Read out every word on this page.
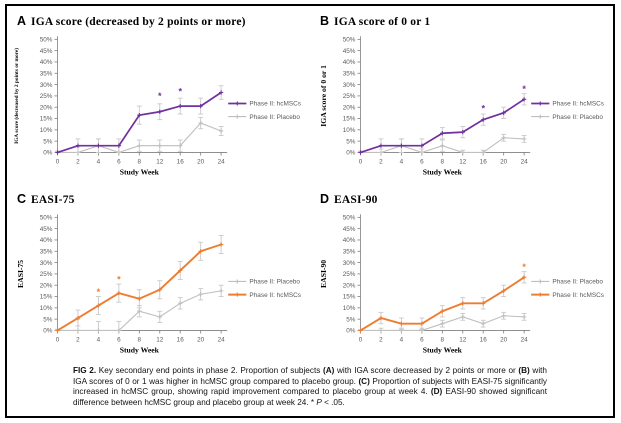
A IGA score (decreased by 2 points or more)
0%
5%
10%
15%
20%
25%
30%
35%
40%
45%
50%
0	2	4	6	8 12 16 20 24
Study Week
IGA score (decreased by 2 points or more)	* *
Phase II: hcMSCs
Phase II: Placebo
B IGA score of 0 or 1
0%
5%
10%
15%
20%
25%
30%
35%
40%
45%
50%
0	2	4	6	8 12 16 20 24
Study Week
IGA score of 0 or 1	*
*
Phase II: hcMSCs
Phase II: Placebo
C EASI-75
0%
5%
10%
15%
20%
25%
30%
35%
40%
45%
50%
0	2	4	6	8 12 16 20 24
Study Week
EASI-75
*
*	Phase II: Placebo
Phase II: hcMSCs
D EASI-90
0%
5%
10%
15%
20%
25%
30%
35%
40%
45%
50%
0	2	4	6	8 12 16 20 24
Study Week
EASI-90	*
Phase II: Placebo
Phase II: hcMSCs
FIG 2. Key secondary end points in phase 2. Proportion of subjects (A) with IGA score decreased by 2 points or more or (B) with IGA scores of 0 or 1 was higher in hcMSC group compared to placebo group. (C) Proportion of subjects with EASI-75 significantly increased in hcMSC group, showing rapid improvement compared to placebo group at week 4. (D) EASI-90 showed significant difference between hcMSC group and placebo group at week 24. * P < .05.
